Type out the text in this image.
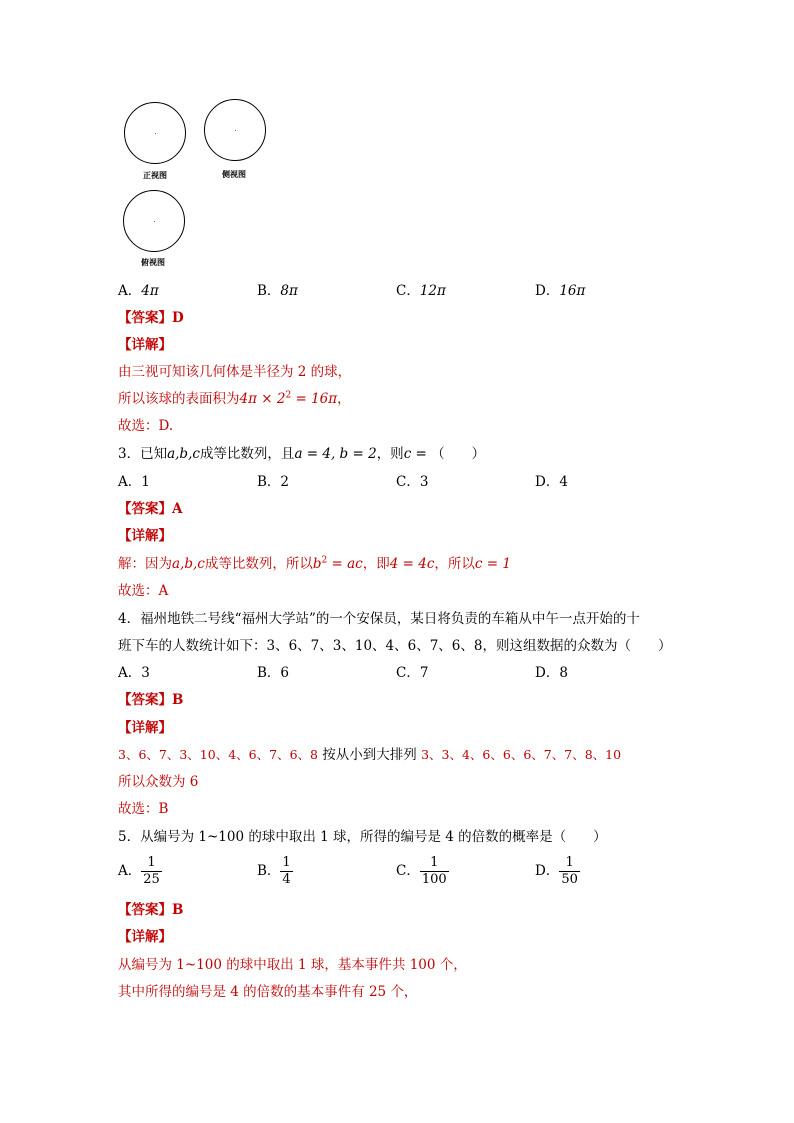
正视图	侧视图
俯视图
A．4π	B．8π	C．12π	D．16π
【答案】D
【详解】
由三视可知该几何体是半径为 2 的球，
所以该球的表面积为$4\pi \times 2^2 = 16\pi$，
故选：D.
3．已知a,b,c成等比数列，且a = 4, b = 2，则c = （　　）
A．1	B．2	C．3	D．4
【答案】A
【详解】
解：因为a,b,c成等比数列，所以$b^2$ = ac，即4 = 4c，所以c = 1
故选：A
4．福州地铁二号线“福州大学站”的一个安保员，某日将负责的车箱从中午一点开始的十
班下车的人数统计如下：3、6、7、3、10、4、6、7、6、8，则这组数据的众数为（　　）
A．3	B．6	C．7	D．8
【答案】B
【详解】
3、6、7、3、10、4、6、7、6、8 按从小到大排列 3、3、4、6、6、6、7、7、8、10
所以众数为 6
故选：B
5．从编号为 1~100 的球中取出 1 球，所得的编号是 4 的倍数的概率是（　　）
A． $\frac{1}{25}$	B． $\frac{1}{4}$	C． $\frac{1}{100}$	D． $\frac{1}{50}$
【答案】B
【详解】
从编号为 1~100 的球中取出 1 球，基本事件共 100 个，
其中所得的编号是 4 的倍数的基本事件有 25 个，
